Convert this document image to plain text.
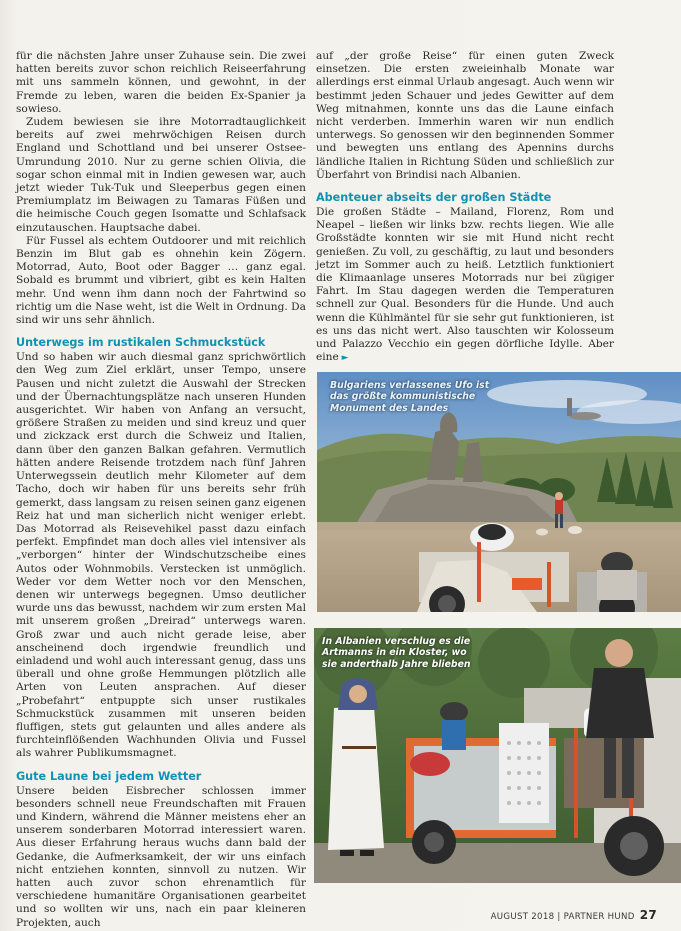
für die nächsten Jahre unser Zuhause sein. Die zwei hatten bereits zuvor schon reichlich Reiseerfahrung mit uns sammeln können, und gewohnt, in der Fremde zu leben, waren die beiden Ex-Spanier ja sowieso.

Zudem bewiesen sie ihre Motorradtauglichkeit bereits auf zwei mehrwöchigen Reisen durch England und Schottland und bei unserer Ostsee-Umrundung 2010. Nur zu gerne schien Olivia, die sogar schon einmal mit in Indien gewesen war, auch jetzt wieder Tuk-Tuk und Sleeperbus gegen einen Premiumplatz im Beiwagen zu Tamaras Füßen und die heimische Couch gegen Isomatte und Schlafsack einzutauschen. Hauptsache dabei.

Für Fussel als echtem Outdoorer und mit reichlich Benzin im Blut gab es ohnehin kein Zögern. Motorrad, Auto, Boot oder Bagger … ganz egal. Sobald es brummt und vibriert, gibt es kein Halten mehr. Und wenn ihm dann noch der Fahrtwind so richtig um die Nase weht, ist die Welt in Ordnung. Da sind wir uns sehr ähnlich.

Unterwegs im rustikalen Schmuckstück

Und so haben wir auch diesmal ganz sprichwörtlich den Weg zum Ziel erklärt, unser Tempo, unsere Pausen und nicht zuletzt die Auswahl der Strecken und der Übernachtungsplätze nach unseren Hunden ausgerichtet. Wir haben von Anfang an versucht, größere Straßen zu meiden und sind kreuz und quer und zickzack erst durch die Schweiz und Italien, dann über den ganzen Balkan gefahren. Vermutlich hätten andere Reisende trotzdem nach fünf Jahren Unterwegssein deutlich mehr Kilometer auf dem Tacho, doch wir haben für uns bereits sehr früh gemerkt, dass langsam zu reisen seinen ganz eigenen Reiz hat und man sicherlich nicht weniger erlebt. Das Motorrad als Reisevehikel passt dazu einfach perfekt. Empfindet man doch alles viel intensiver als „verborgen“ hinter der Windschutzscheibe eines Autos oder Wohnmobils. Verstecken ist unmöglich. Weder vor dem Wetter noch vor den Menschen, denen wir unterwegs begegnen. Umso deutlicher wurde uns das bewusst, nachdem wir zum ersten Mal mit unserem großen „Dreirad“ unterwegs waren. Groß zwar und auch nicht gerade leise, aber anscheinend doch irgendwie freundlich und einladend und wohl auch interessant genug, dass uns überall und ohne große Hemmungen plötzlich alle Arten von Leuten ansprachen. Auf dieser „Probefahrt“ entpuppte sich unser rustikales Schmuckstück zusammen mit unseren beiden fluffigen, stets gut gelaunten und alles andere als furchteinflößenden Wachhunden Olivia und Fussel als wahrer Publikumsmagnet.

Gute Laune bei jedem Wetter

Unsere beiden Eisbrecher schlossen immer besonders schnell neue Freundschaften mit Frauen und Kindern, während die Männer meistens eher an unserem sonderbaren Motorrad interessiert waren. Aus dieser Erfahrung heraus wuchs dann bald der Gedanke, die Aufmerksamkeit, der wir uns einfach nicht entziehen konnten, sinnvoll zu nutzen. Wir hatten auch zuvor schon ehrenamtlich für verschiedene humanitäre Organisationen gearbeitet und so wollten wir uns, nach ein paar kleineren Projekten, auch

auf „der große Reise“ für einen guten Zweck einsetzen. Die ersten zweieinhalb Monate war allerdings erst einmal Urlaub angesagt. Auch wenn wir bestimmt jeden Schauer und jedes Gewitter auf dem Weg mitnahmen, konnte uns das die Laune einfach nicht verderben. Immerhin waren wir nun endlich unterwegs. So genossen wir den beginnenden Sommer und bewegten uns entlang des Apennins durchs ländliche Italien in Richtung Süden und schließlich zur Überfahrt von Brindisi nach Albanien.

Abenteuer abseits der großen Städte

Die großen Städte – Mailand, Florenz, Rom und Neapel – ließen wir links bzw. rechts liegen. Wie alle Großstädte konnten wir sie mit Hund nicht recht genießen. Zu voll, zu geschäftig, zu laut und besonders jetzt im Sommer auch zu heiß. Letztlich funktioniert die Klimaanlage unseres Motorrads nur bei zügiger Fahrt. Im Stau dagegen werden die Temperaturen schnell zur Qual. Besonders für die Hunde. Und auch wenn die Kühlmäntel für sie sehr gut funktionieren, ist es uns das nicht wert. Also tauschten wir Kolosseum und Palazzo Vecchio ein gegen dörfliche Idylle. Aber eine ►

Bulgariens verlassenes Ufo ist das größte kommunistische Monument des Landes
In Albanien verschlug es die Artmanns in ein Kloster, wo sie anderthalb Jahre blieben
AUGUST 2018 | PARTNER HUND 27
